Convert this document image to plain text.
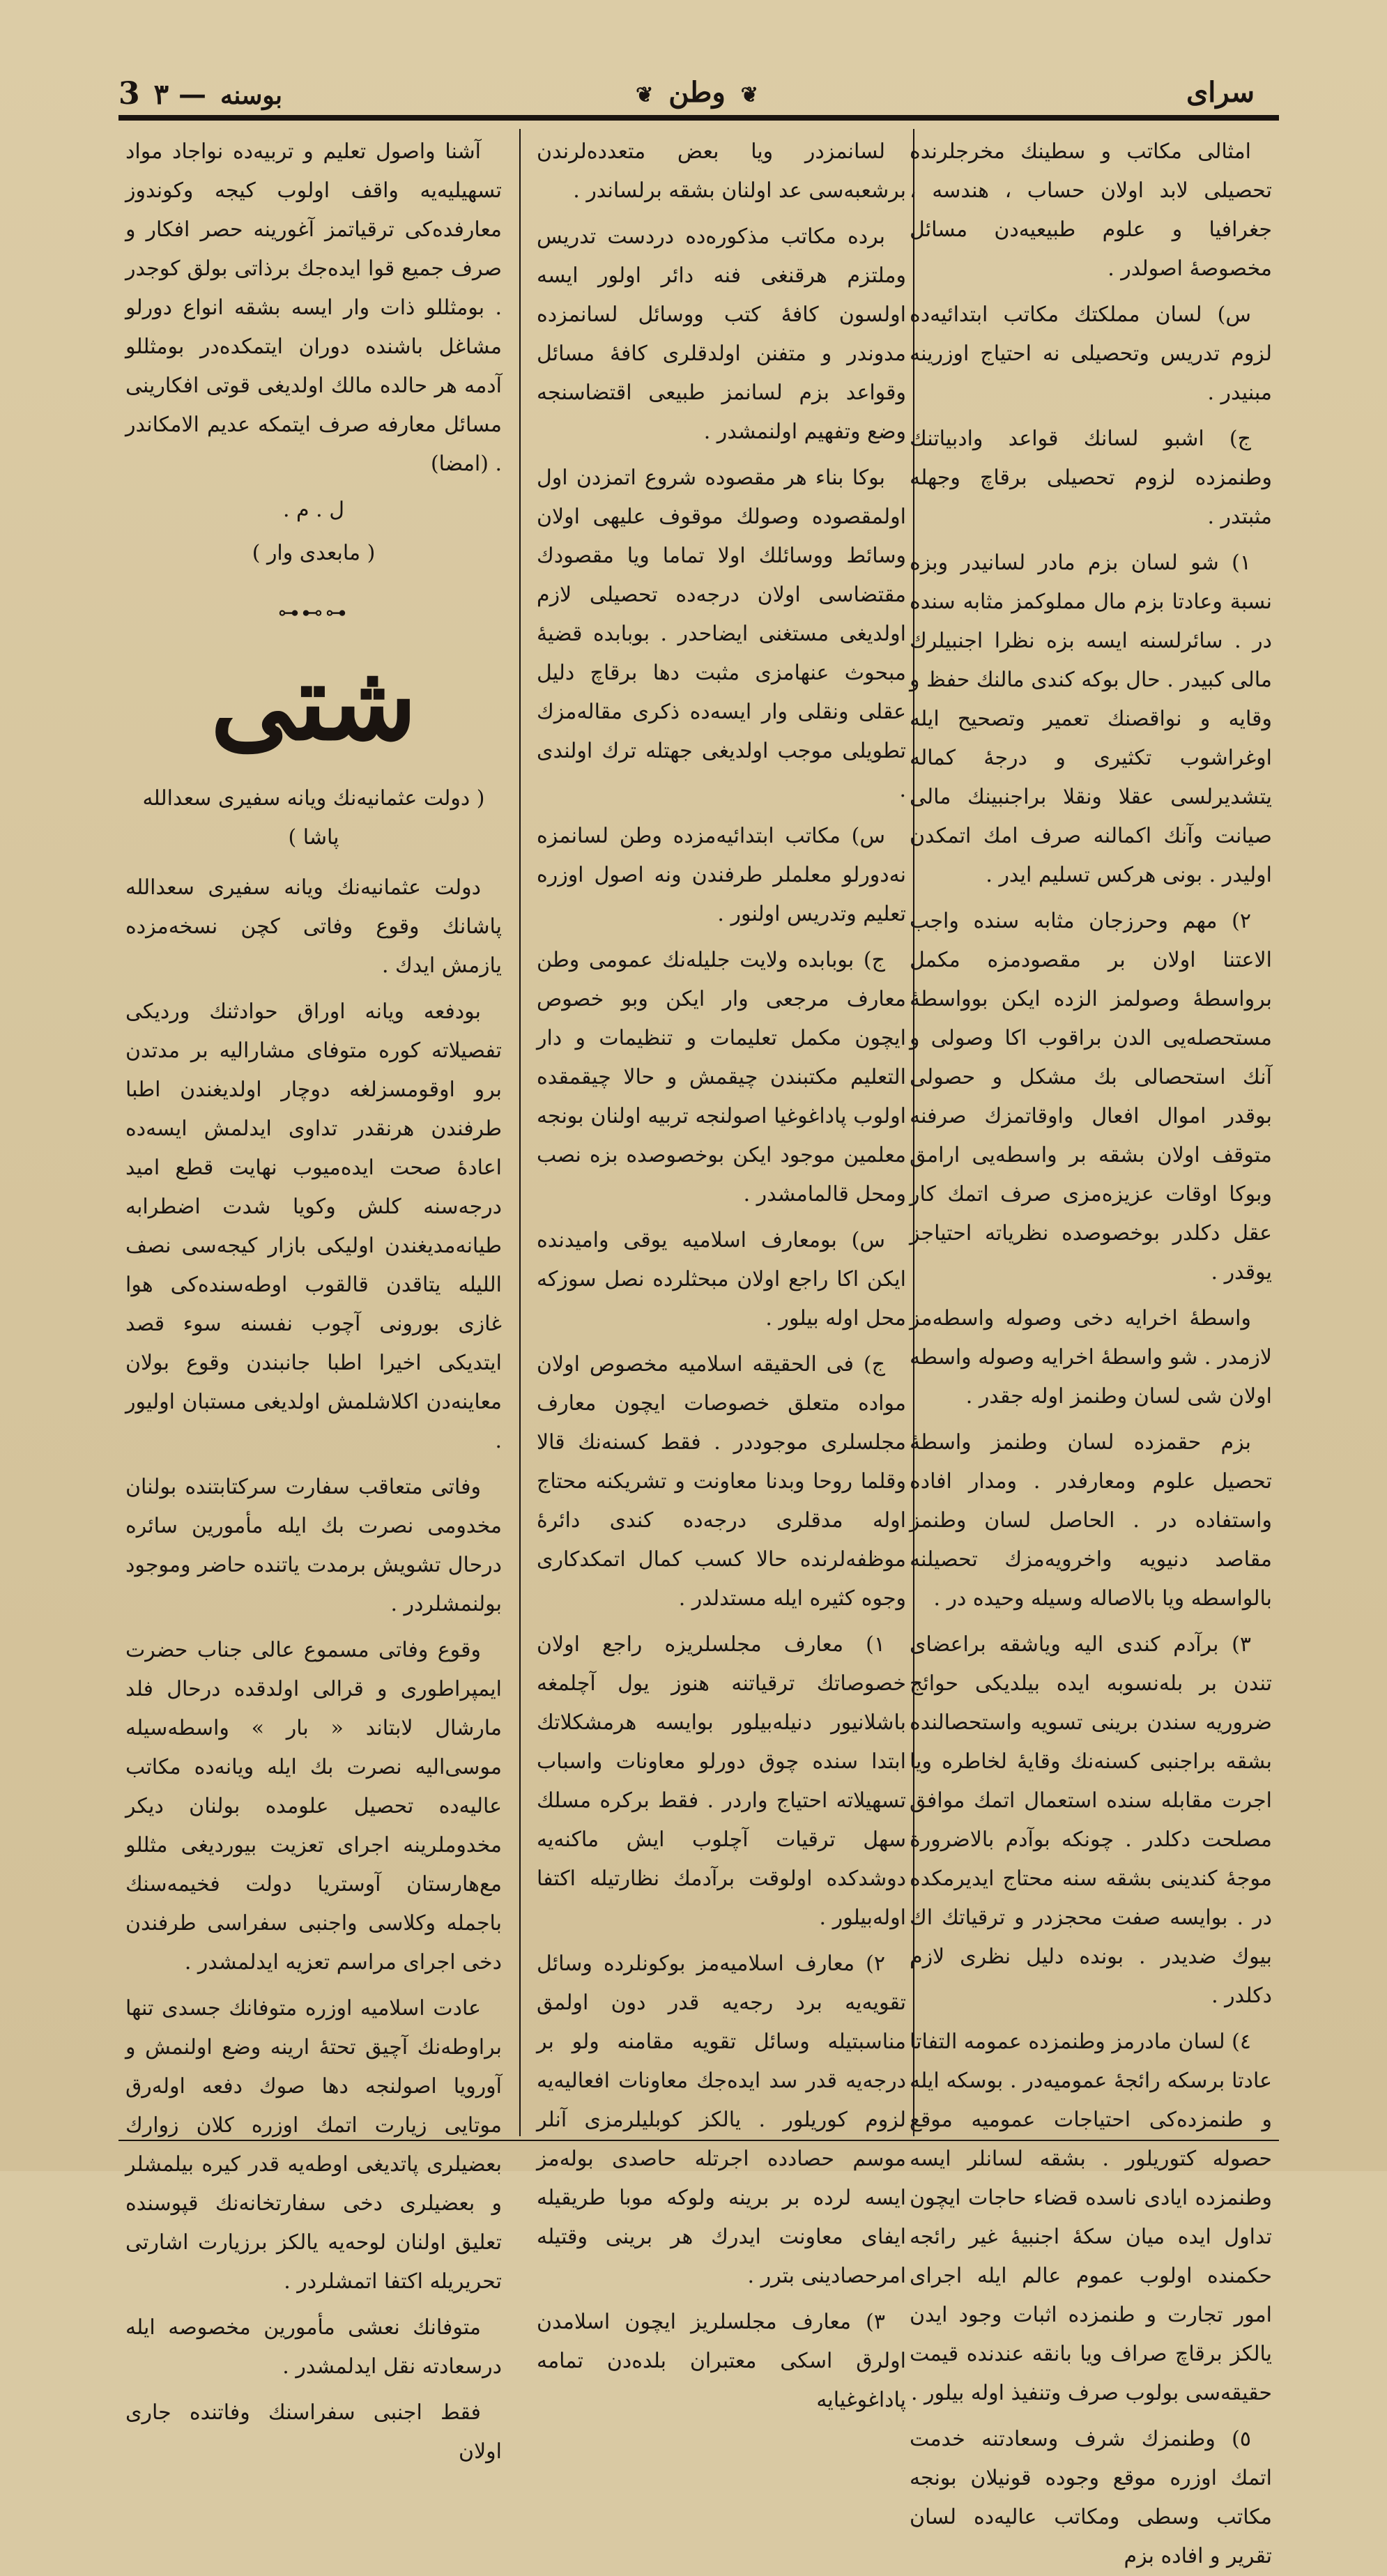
سرای
❦ وطن ❦
3 ٣ — بوسنه

امثالی مکاتب و سطینك مخرجلرنده تحصیلی لابد اولان حساب ، هندسه ، جغرافیا و علوم طبیعیه‌دن مسائل مخصوصهٔ اصولدر .

س) لسان مملکتك مکاتب ابتدائیه‌ده لزوم تدریس وتحصیلی نه احتیاج اوزرینه مبنیدر .

ج) اشبو لسانك قواعد وادبیاتنك وطنمزده لزوم تحصیلی برقاچ وجهله مثبتدر .

١) شو لسان بزم مادر لسانیدر وبزه نسبة وعادتا بزم مال مملوکمز مثابه سنده در . سائرلسنه ایسه بزه نظرا اجنبیلرك مالی کبیدر . حال بوکه کندی مالنك حفظ و وقایه و نواقصنك تعمیر وتصحیح ایله اوغراشوب تکثیری و درجهٔ کماله یتشدیرلسی عقلا ونقلا براجنبینك مالی صیانت وآنك اکمالنه صرف امك اتمکدن اولیدر . بونی هرکس تسلیم ایدر .

٢) مهم وحرزجان مثابه سنده واجب الاعتنا اولان بر مقصودمزه مکمل برواسطهٔ وصولمز الزده ایکن بوواسطهٔ مستحصله‌یی الدن براقوب اکا وصولی و آنك استحصالی بك مشکل و حصولی بوقدر اموال افعال واوقاتمزك صرفنه متوقف اولان بشقه بر واسطه‌یی ارامق وبوکا اوقات عزیزه‌مزی صرف اتمك کار عقل دکلدر بوخصوصده نظریاته احتیاجز یوقدر .

واسطهٔ اخرایه دخی وصوله واسطه‌مز لازمدر . شو واسطهٔ اخرایه وصوله واسطه اولان شی لسان وطنمز اوله جقدر .

بزم حقمزده لسان وطنمز واسطهٔ تحصیل علوم ومعارفدر . ومدار افاده واستفاده در . الحاصل لسان وطنمز مقاصد دنیویه واخرویه‌مزك تحصیلنه بالواسطه ویا بالاصاله وسیله وحیده در .

٣) برآدم کندی الیه ویاشقه براعضای تندن بر بله‌نسوبه ایده بیلدیکی حوائج ضروریه سندن برینی تسویه واستحصالنده بشقه براجنبی کسنه‌نك وقایهٔ لخاطره ویا اجرت مقابله سنده استعمال اتمك موافق مصلحت دکلدر . چونکه بوآدم بالاضرورة موجهٔ کندینی بشقه سنه محتاج ایدیرمکده در . بوایسه صفت محجزدر و ترقیاتك اك بیوك ضدیدر . بونده دلیل نظری لازم دکلدر .

٤) لسان مادرمز وطنمزده عمومه التفاتا عادتا برسکه رائجهٔ عمومیه‌در . بوسکه ایله و طنمزده‌کی احتیاجات عمومیه موقع حصوله کتوریلور . بشقه لسانلر ایسه وطنمزده ایادی ناسده قضاء حاجات ایچون تداول ایده میان سکهٔ اجنبیهٔ غیر رائجه حکمنده اولوب عموم عالم ایله اجرای امور تجارت و طنمزده اثبات وجود ایدن یالکز برقاچ صراف ویا بانقه عندنده قیمت حقیقه‌سی بولوب صرف وتنفیذ اوله بیلور .

٥) وطنمزك شرف وسعادتنه خدمت اتمك اوزره موقع وجوده قونیلان بونجه مکاتب وسطی ومکاتب عالیه‌ده لسان تقریر و افاده بزم

لسانمزدر ویا بعض متعدده‌لرندن برشعبه‌سی عد اولنان بشقه برلساندر .

برده مکاتب مذکوره‌ده دردست تدریس وملتزم هرقنغی فنه دائر اولور ایسه اولسون کافهٔ کتب ووسائل لسانمزده مدوندر و متفنن اولدقلری کافهٔ مسائل وقواعد بزم لسانمز طبیعی اقتضاسنجه وضع وتفهیم اولنمشدر .

بوکا بناء هر مقصوده شروع اتمزدن اول اولمقصوده وصولك موقوف علیهی اولان وسائط ووسائلك اولا تماما ویا مقصودك مقتضاسی اولان درجه‌ده تحصیلی لازم اولدیغی مستغنی ایضاحدر . بوبابده قضیهٔ مبحوث عنهامزی مثبت دها برقاچ دلیل عقلی ونقلی وار ایسه‌ده ذکری مقاله‌مزك تطویلی موجب اولدیغی جهتله ترك اولندی .

س) مکاتب ابتدائیه‌مزده وطن لسانمزه نه‌دورلو معلملر طرفندن ونه اصول اوزره تعلیم وتدریس اولنور .

ج) بوبابده ولایت جلیله‌نك عمومی وطن معارف مرجعی وار ایکن وبو خصوص ایچون مکمل تعلیمات و تنظیمات و دار التعلیم مکتبندن چیقمش و حالا چیقمقده اولوب پاداغوغیا اصولنجه تربیه اولنان بونجه معلمین موجود ایکن بوخصوصده بزه نصب ومحل قالمامشدر .

س) بومعارف اسلامیه یوقی وامیدنده ایکن اکا راجع اولان مبحثلرده نصل سوزکه محل اوله بیلور .

ج) فی الحقیقه اسلامیه مخصوص اولان مواده متعلق خصوصات ایچون معارف مجلسلری موجوددر . فقط کسنه‌نك قالا وقلما روحا وبدنا معاونت و تشریکنه محتاج اوله مدقلری درجه‌ده کندی دائرهٔ موظفه‌لرنده حالا کسب کمال اتمکدکاری وجوه کثیره ایله مستدلدر .

١) معارف مجلسلریزه راجع اولان خصوصاتك ترقیاتنه هنوز یول آچلمغه باشلانیور دنیله‌بیلور بوایسه هرمشکلاتك ابتدا سنده چوق دورلو معاونات واسباب تسهیلاته احتیاج واردر . فقط برکره مسلك سهل ترقیات آچلوب ایش ماکنه‌یه دوشدکده اولوقت برآدمك نظارتیله اکتفا اوله‌بیلور .

٢) معارف اسلامیه‌مز بوکونلرده وسائل تقویه‌یه برد رجه‌یه قدر دون اولمق مناسبتیله وسائل تقویه مقامنه ولو بر درجه‌یه قدر سد ایده‌جك معاونات افعالیه‌یه لزوم کوریلور . یالکز کوبلیلرمزی آنلر موسم حصادده اجرتله حاصدی بوله‌مز ایسه لرده بر برینه ولوکه موبا طریقیله ایفای معاونت ایدرك هر برینی وقتیله امرحصادینی بترر .

٣) معارف مجلسلریز ایچون اسلامدن اولرق اسکی معتبران بلده‌دن تمامه پاداغوغیایه

آشنا واصول تعلیم و تربیه‌ده نواجاد مواد تسهیلیه‌یه واقف اولوب کیجه وکوندوز معارفده‌کی ترقیاتمز آغورینه حصر افکار و صرف جمیع قوا ایده‌جك برذاتی بولق کوجدر . بومثللو ذات وار ایسه بشقه انواع دورلو مشاغل باشنده دوران ایتمکده‌در بومثللو آدمه هر حالده مالك اولدیغی قوتی افکارینی مسائل معارفه صرف ایتمکه عدیم الامکاندر . (امضا)

ل . م .

( مابعدی وار )

⊷⊶⊷
شتی

( دولت عثمانیه‌نك ویانه سفیری سعدالله پاشا )

دولت عثمانیه‌نك ویانه سفیری سعدالله پاشانك وقوع وفاتی کچن نسخه‌مزده یازمش ایدك .

بودفعه ویانه اوراق حوادثنك وردیکی تفصیلاته کوره متوفای مشارالیه بر مدتدن برو اوقومسزلغه دوچار اولدیغندن اطبا طرفندن هرنقدر تداوی ایدلمش ایسه‌ده اعادهٔ صحت ایده‌میوب نهایت قطع امید درجه‌سنه کلش وکویا شدت اضطرابه طیانه‌مدیغندن اولیکی بازار کیجه‌سی نصف اللیله یتاقدن قالقوب اوطه‌سنده‌کی هوا غازی بورونی آچوب نفسنه سوء قصد ایتدیکی اخیرا اطبا جانبندن وقوع بولان معاینه‌دن اکلاشلمش اولدیغی مستبان اولیور .

وفاتی متعاقب سفارت سرکتابتنده بولنان مخدومی نصرت بك ایله مأمورین سائره درحال تشویش برمدت یاتنده حاضر وموجود بولنمشلردر .

وقوع وفاتی مسموع عالی جناب حضرت ایمپراطوری و قرالی اولدقده درحال فلد مارشال لابتاند « بار » واسطه‌سیله موسی‌الیه نصرت بك ایله ویانه‌ده مکاتب عالیه‌ده تحصیل علومده بولنان دیکر مخدوملرینه اجرای تعزیت بیوردیغی مثللو مع‌هارستان آوستریا دولت فخیمه‌سنك باجمله وکلاسی واجنبی سفراسی طرفندن دخی اجرای مراسم تعزیه ایدلمشدر .

عادت اسلامیه اوزره متوفانك جسدی تنها براوطه‌نك آچیق تحتهٔ ارینه وضع اولنمش و آورویا اصولنجه دها صوك دفعه اوله‌رق موتایی زیارت اتمك اوزره کلان زوارك بعضیلری پاتدیغی اوطه‌یه قدر کیره بیلمشلر و بعضیلری دخی سفارتخانه‌نك قپوسنده تعلیق اولنان لوحه‌یه یالکز برزیارت اشارتی تحریریله اکتفا اتمشلردر .

متوفانك نعشی مأمورین مخصوصه ایله درسعادته نقل ایدلمشدر .

فقط اجنبی سفراسنك وفاتنده جاری اولان
